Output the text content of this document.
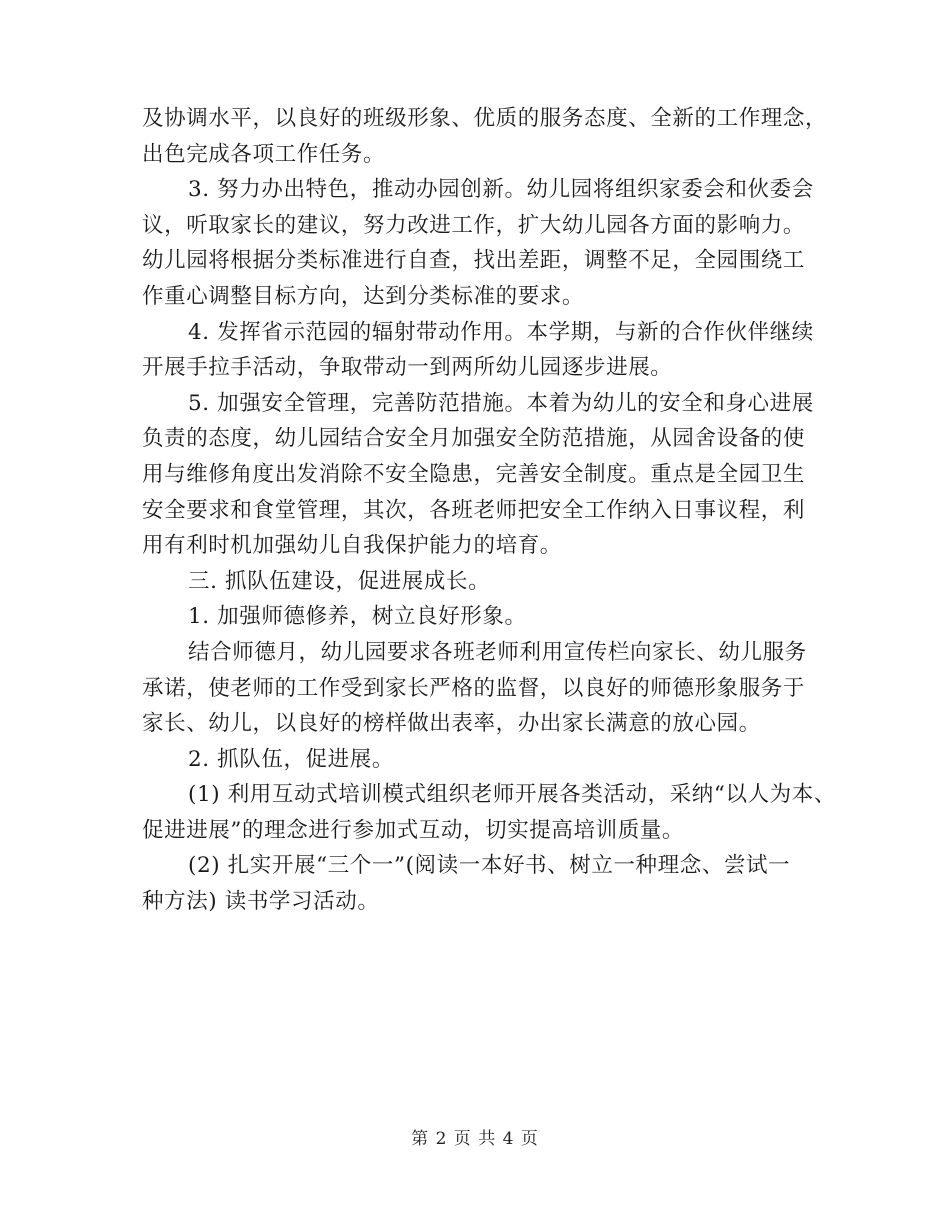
及协调水平，以良好的班级形象、优质的服务态度、全新的工作理念，
出色完成各项工作任务。
3. 努力办出特色，推动办园创新。幼儿园将组织家委会和伙委会
议，听取家长的建议，努力改进工作，扩大幼儿园各方面的影响力。
幼儿园将根据分类标准进行自查，找出差距，调整不足，全园围绕工
作重心调整目标方向，达到分类标准的要求。
4. 发挥省示范园的辐射带动作用。本学期，与新的合作伙伴继续
开展手拉手活动，争取带动一到两所幼儿园逐步进展。
5. 加强安全管理，完善防范措施。本着为幼儿的安全和身心进展
负责的态度，幼儿园结合安全月加强安全防范措施，从园舍设备的使
用与维修角度出发消除不安全隐患，完善安全制度。重点是全园卫生
安全要求和食堂管理，其次，各班老师把安全工作纳入日事议程，利
用有利时机加强幼儿自我保护能力的培育。
三. 抓队伍建设，促进展成长。
1. 加强师德修养，树立良好形象。
结合师德月，幼儿园要求各班老师利用宣传栏向家长、幼儿服务
承诺，使老师的工作受到家长严格的监督，以良好的师德形象服务于
家长、幼儿，以良好的榜样做出表率，办出家长满意的放心园。
2. 抓队伍，促进展。
(1) 利用互动式培训模式组织老师开展各类活动，采纳“以人为本、
促进进展”的理念进行参加式互动，切实提高培训质量。
(2) 扎实开展“三个一”(阅读一本好书、树立一种理念、尝试一
种方法) 读书学习活动。
第 2 页 共 4 页
